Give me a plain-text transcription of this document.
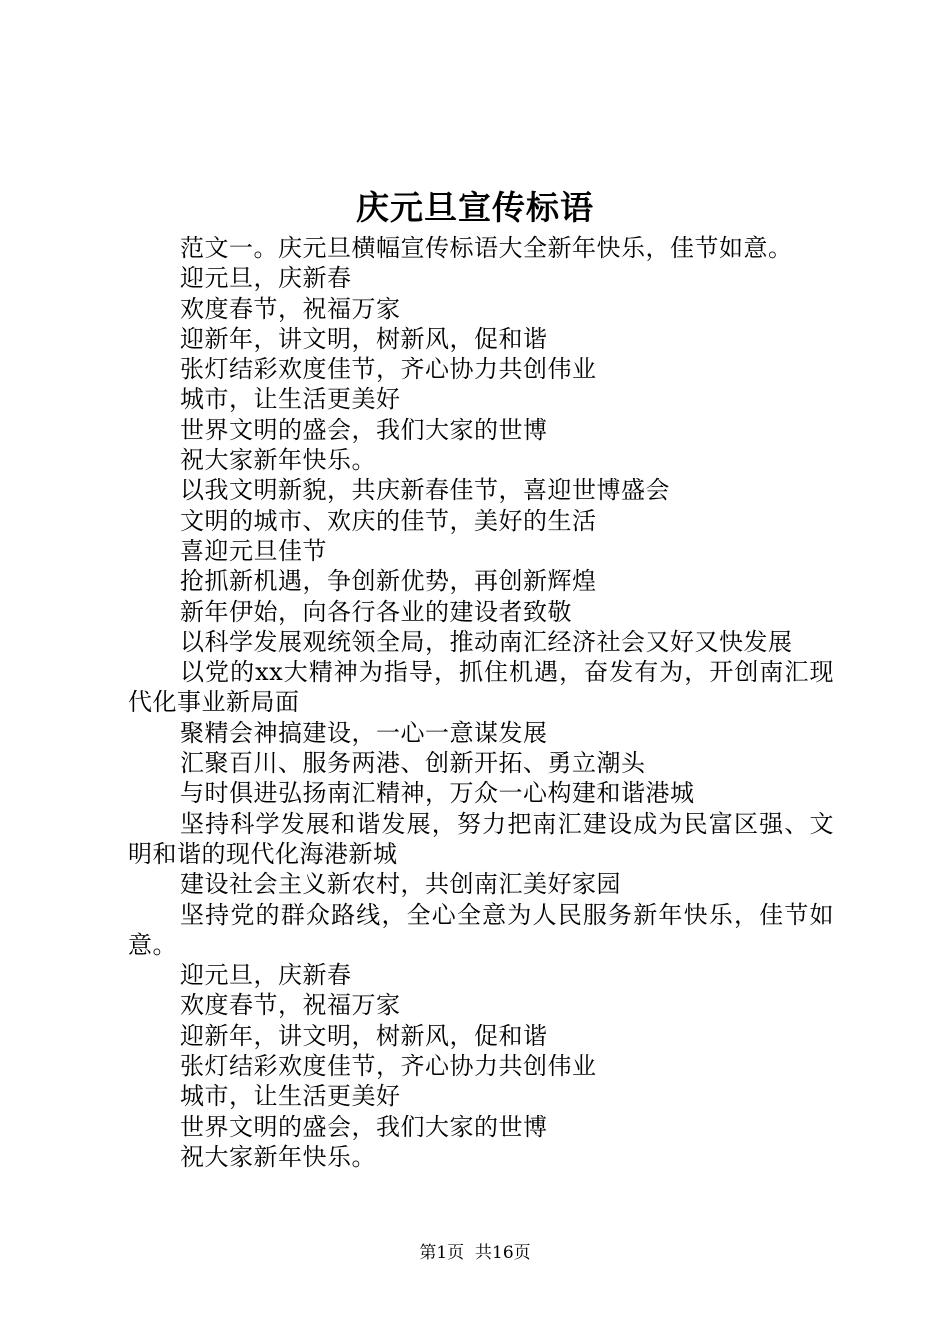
庆元旦宣传标语

范文一。庆元旦横幅宣传标语大全新年快乐，佳节如意。

迎元旦，庆新春

欢度春节，祝福万家

迎新年，讲文明，树新风，促和谐

张灯结彩欢度佳节，齐心协力共创伟业

城市，让生活更美好

世界文明的盛会，我们大家的世博

祝大家新年快乐。

以我文明新貌，共庆新春佳节，喜迎世博盛会

文明的城市、欢庆的佳节，美好的生活

喜迎元旦佳节

抢抓新机遇，争创新优势，再创新辉煌

新年伊始，向各行各业的建设者致敬

以科学发展观统领全局，推动南汇经济社会又好又快发展

以党的xx大精神为指导，抓住机遇，奋发有为，开创南汇现代化事业新局面

聚精会神搞建设，一心一意谋发展

汇聚百川、服务两港、创新开拓、勇立潮头

与时俱进弘扬南汇精神，万众一心构建和谐港城

坚持科学发展和谐发展，努力把南汇建设成为民富区强、文明和谐的现代化海港新城

建设社会主义新农村，共创南汇美好家园

坚持党的群众路线，全心全意为人民服务新年快乐，佳节如意。

迎元旦，庆新春

欢度春节，祝福万家

迎新年，讲文明，树新风，促和谐

张灯结彩欢度佳节，齐心协力共创伟业

城市，让生活更美好

世界文明的盛会，我们大家的世博

祝大家新年快乐。

第1页 共16页
